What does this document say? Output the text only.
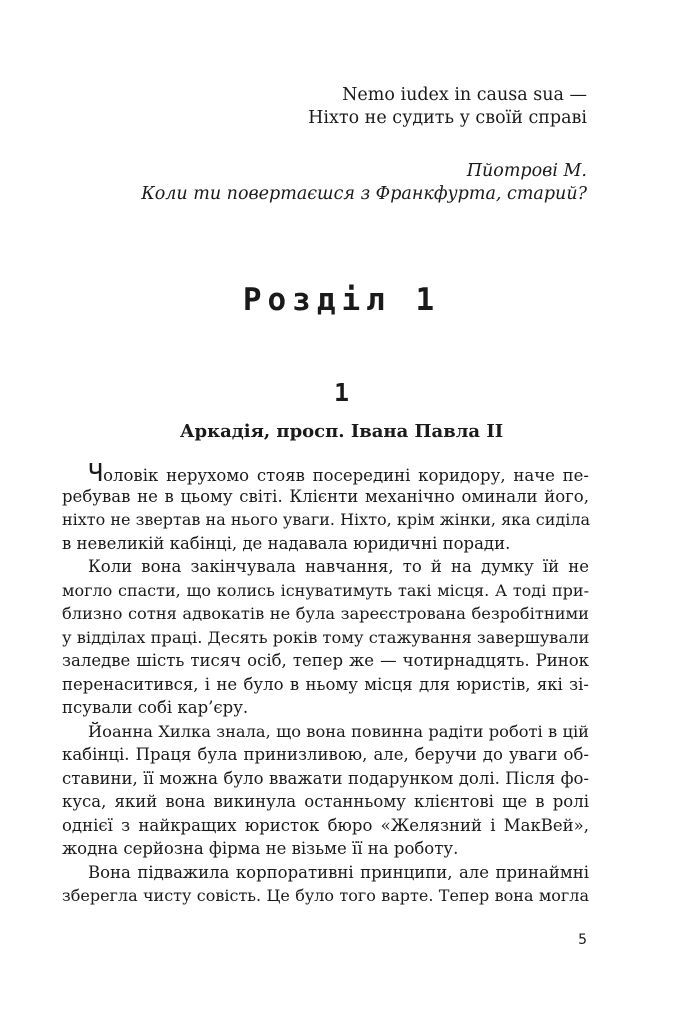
Nemo iudex in causa sua —
Ніхто не судить у своїй справі
Пйотрові М.
Коли ти повертаєшся з Франкфурта, старий?
Розділ 1
1
Аркадія, просп. Івана Павла ІІ
Чоловік нерухомо стояв посередині коридору, наче пе-
ребував не в цьому світі. Клієнти механічно оминали його,
ніхто не звертав на нього уваги. Ніхто, крім жінки, яка сиділа
в невеликій кабінці, де надавала юридичні поради.
Коли вона закінчувала навчання, то й на думку їй не
могло спасти, що колись існуватимуть такі місця. А тоді при-
близно сотня адвокатів не була зареєстрована безробітними
у відділах праці. Десять років тому стажування завершували
заледве шість тисяч осіб, тепер же — чотирнадцять. Ринок
перенаситився, і не було в ньому місця для юристів, які зі-
псували собі кар’єру.
Йоанна Хилка знала, що вона повинна радіти роботі в цій
кабінці. Праця була принизливою, але, беручи до уваги об-
ставини, її можна було вважати подарунком долі. Після фо-
куса, який вона викинула останньому клієнтові ще в ролі
однієї з найкращих юристок бюро «Желязний і МакВей»,
жодна серйозна фірма не візьме її на роботу.
Вона підважила корпоративні принципи, але принаймні
зберегла чисту совість. Це було того варте. Тепер вона могла
5
